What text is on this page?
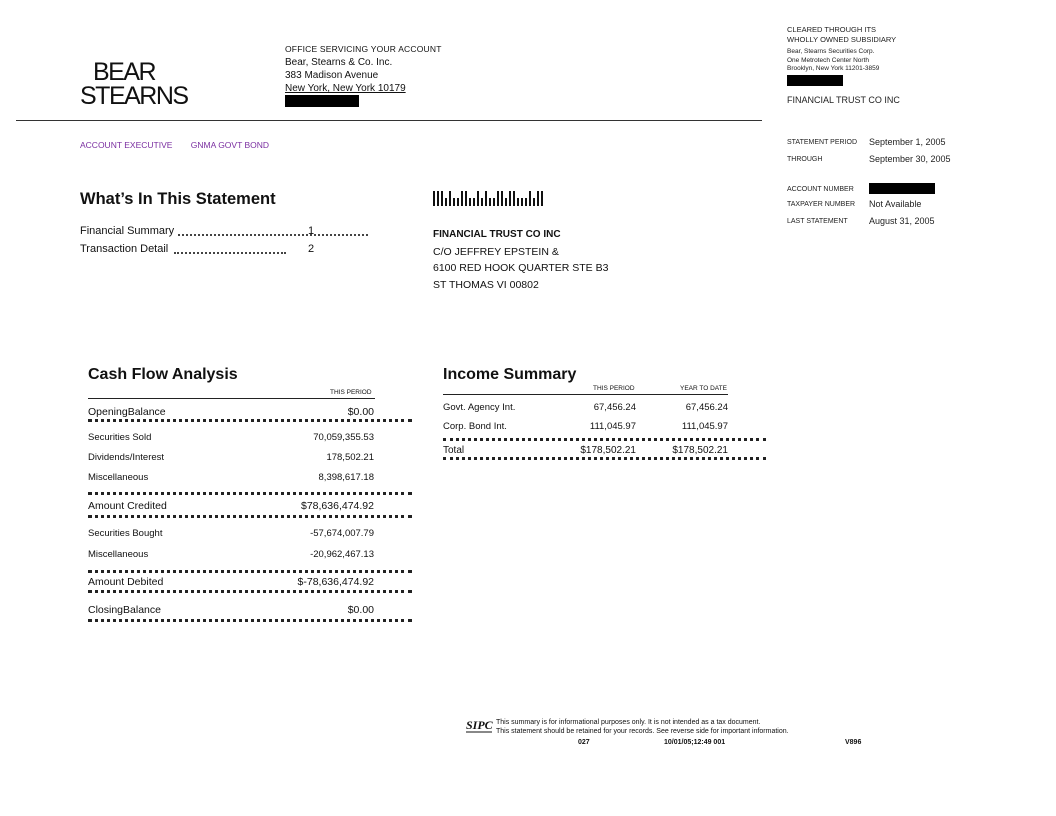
BEAR
STEARNS
OFFICE SERVICING YOUR ACCOUNT
Bear, Stearns & Co. Inc.
383 Madison Avenue
New York, New York 10179
CLEARED THROUGH ITS
WHOLLY OWNED SUBSIDIARY
Bear, Stearns Securities Corp.
One Metrotech Center North
Brooklyn, New York 11201-3859
FINANCIAL TRUST CO INC
STATEMENT PERIOD September 1, 2005
THROUGH	September 30, 2005
ACCOUNT NUMBER
TAXPAYER NUMBER Not Available
LAST STATEMENT August 31, 2005
ACCOUNT EXECUTIVE GNMA GOVT BOND
What’s In This Statement
Financial Summary	1
Transaction Detail	2
FINANCIAL TRUST CO INC
C/O JEFFREY EPSTEIN &
6100 RED HOOK QUARTER STE B3
ST THOMAS VI 00802
Cash Flow Analysis
THIS PERIOD
OpeningBalance	$0.00
Securities Sold	70,059,355.53
Dividends/Interest	178,502.21
Miscellaneous	8,398,617.18
Amount Credited	$78,636,474.92
Securities Bought	-57,674,007.79
Miscellaneous	-20,962,467.13
Amount Debited	$-78,636,474.92
ClosingBalance	$0.00
Income Summary
THIS PERIOD	YEAR TO DATE
Govt. Agency Int.	67,456.24	67,456.24
Corp. Bond Int.	111,045.97	111,045.97
Total	$178,502.21	$178,502.21
SIPC This summary is for informational purposes only. It is not intended as a tax document.
This statement should be retained for your records. See reverse side for important information.
027	10/01/05;12:49 001	V896
